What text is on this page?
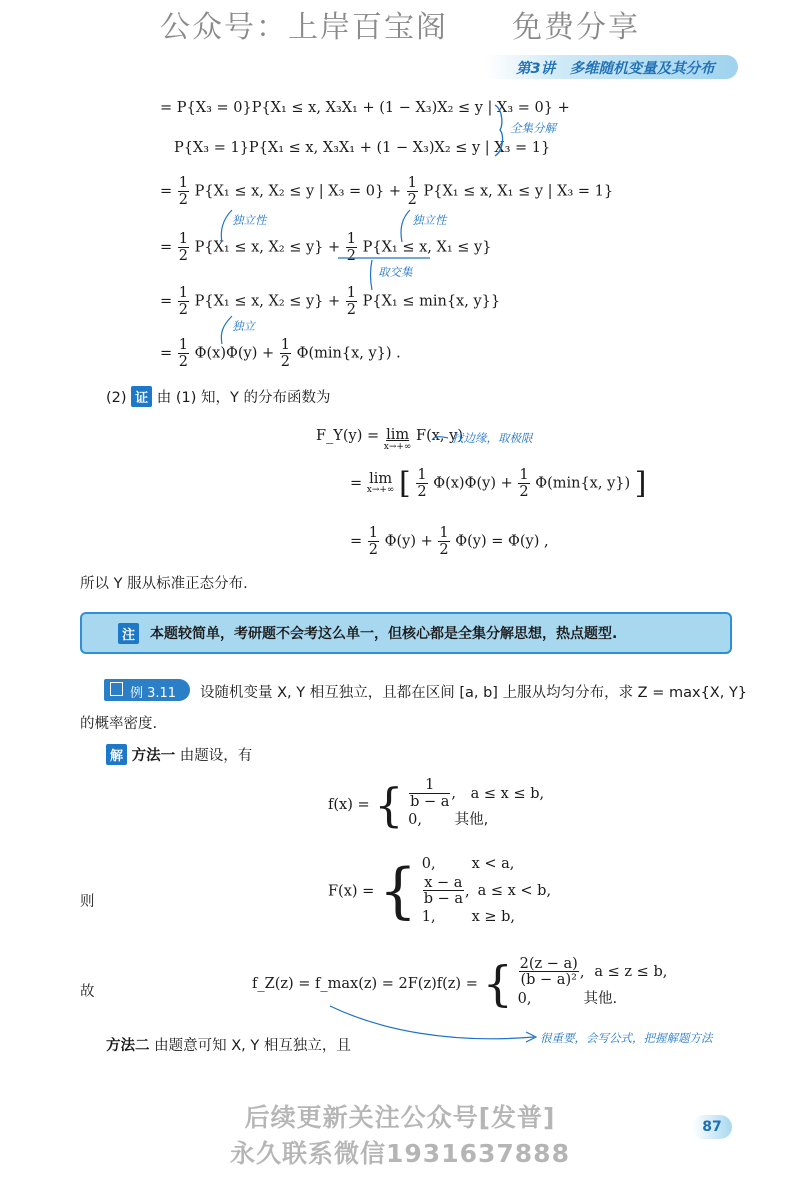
公众号：上岸百宝阁　　免费分享
第3讲　多维随机变量及其分布
= P{X₃ = 0}P{X₁ ≤ x, X₃X₁ + (1 − X₃)X₂ ≤ y | X₃ = 0} +
P{X₃ = 1}P{X₁ ≤ x, X₃X₁ + (1 − X₃)X₂ ≤ y | X₃ = 1}
全集分解
= $\frac{1}{2} P\{X_1 \le x$, X₂ ≤ y | $X_3 = 0\} + \frac{1}{2} P\{X_1 \le x$, X₁ ≤ y | X₃ = 1}
独立性	独立性
= $\frac{1}{2} P\{X_1 \le x$, $X_2 \le y\} + \frac{1}{2} P\{X_1 \le x$, X₁ ≤ y}
取交集
= $\frac{1}{2} P\{X_1 \le x$, $X_2 \le y\} + \frac{1}{2} P\{X_1 \le \min\{x$, y}}
独立
= $\frac{1}{2} \Phi(x)\Phi(y) + \frac{1}{2} \Phi(\min\{x$, y}) .
(2) 证 由 (1) 知，Y 的分布函数为
F_Y(y) = lim
x→+∞
F(x, y)
找边缘，取极限
= lim
x→+∞ [ $\frac{1}{2} \Phi(x)\Phi(y) + \frac{1}{2} \Phi(\min\{x$, y}) ]
= $\frac{1}{2} \Phi(y) + \frac{1}{2} \Phi(y) = \Phi(y)$ ,
所以 Y 服从标准正态分布.
注 本题较简单，考研题不会考这么单一，但核心都是全集分解思想，热点题型.
例 3.11 设随机变量 X, Y 相互独立，且都在区间 [a, b] 上服从均匀分布，求 Z = max{X, Y}
的概率密度.
解 方法一 由题设，有
f(x) = { $\frac{1}{b - a}$ , a ≤ x ≤ b,
0, 其他,
则
F(x) = { 0, x < a,
$\frac{x - a}{b - a}$ , a ≤ x < b,
1, x ≥ b,
故	f_Z(z) = f_max(z) = 2F(z)f(z) = { $\frac{2(z - a)}{\text{(b − a)²}}$ , a ≤ z ≤ b,
0,	其他.
很重要，会写公式，把握解题方法
方法二 由题意可知 X, Y 相互独立，且
后续更新关注公众号[发普]
永久联系微信1931637888
87
